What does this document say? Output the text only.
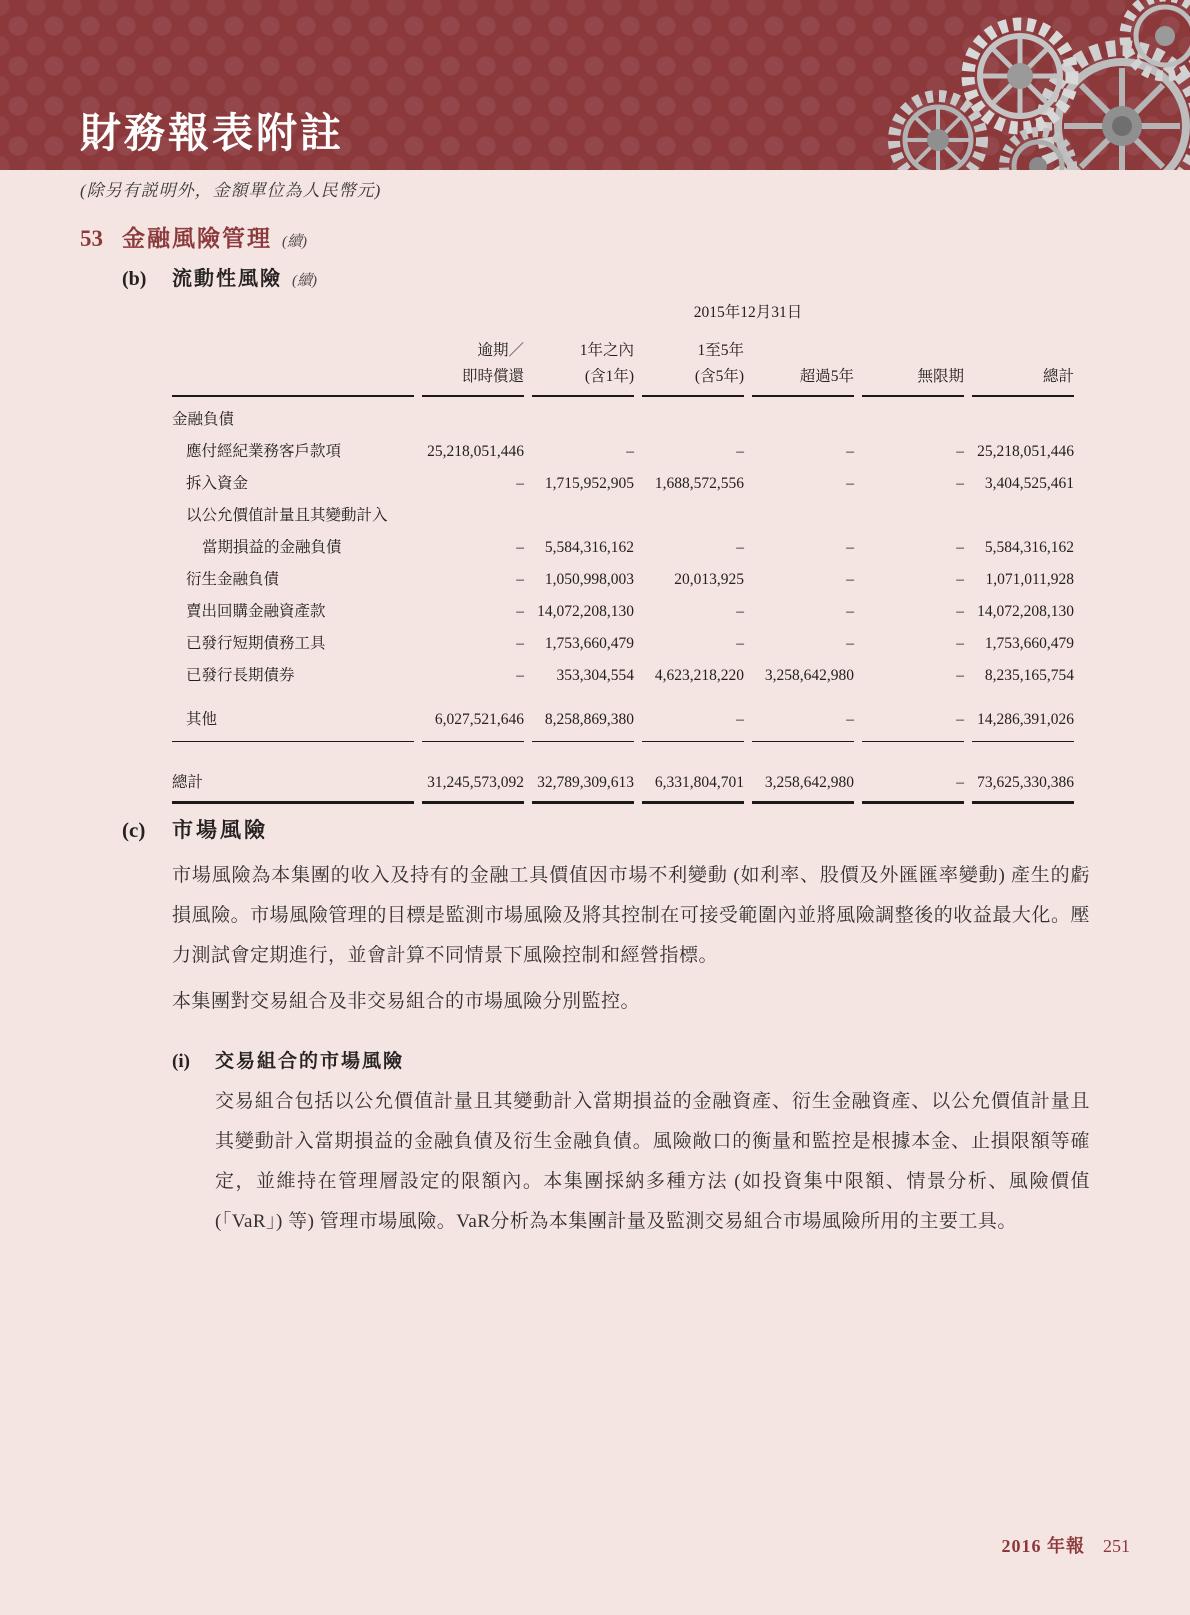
財務報表附註
(除另有説明外，金額單位為人民幣元)
53 金融風險管理 (續)
(b) 流動性風險 (續)
	2015年12月31日					
	逾期／	1年之內	1至5年			
	即時償還	(含1年)	(含5年)	超過5年	無限期	總計
金融負債						
應付經紀業務客戶款項	25,218,051,446	–	–	–	–	25,218,051,446
拆入資金	–	1,715,952,905	1,688,572,556	–	–	3,404,525,461
以公允價值計量且其變動計入						
當期損益的金融負債	–	5,584,316,162	–	–	–	5,584,316,162
衍生金融負債	–	1,050,998,003	20,013,925	–	–	1,071,011,928
賣出回購金融資產款	–	14,072,208,130	–	–	–	14,072,208,130
已發行短期債務工具	–	1,753,660,479	–	–	–	1,753,660,479
已發行長期債券	–	353,304,554	4,623,218,220	3,258,642,980	–	8,235,165,754
其他	6,027,521,646	8,258,869,380	–	–	–	14,286,391,026
總計	31,245,573,092	32,789,309,613	6,331,804,701	3,258,642,980	–	73,625,330,386
(c) 市場風險
市場風險為本集團的收入及持有的金融工具價值因市場不利變動 (如利率、股價及外匯匯率變動) 產生的虧損風險。市場風險管理的目標是監測市場風險及將其控制在可接受範圍內並將風險調整後的收益最大化。壓力測試會定期進行，並會計算不同情景下風險控制和經營指標。
本集團對交易組合及非交易組合的市場風險分別監控。
(i) 交易組合的市場風險
交易組合包括以公允價值計量且其變動計入當期損益的金融資產、衍生金融資產、以公允價值計量且其變動計入當期損益的金融負債及衍生金融負債。風險敞口的衡量和監控是根據本金、止損限額等確定，並維持在管理層設定的限額內。本集團採納多種方法 (如投資集中限額、情景分析、風險價值 (「VaR」) 等) 管理市場風險。VaR分析為本集團計量及監測交易組合市場風險所用的主要工具。
2016 年報 251
